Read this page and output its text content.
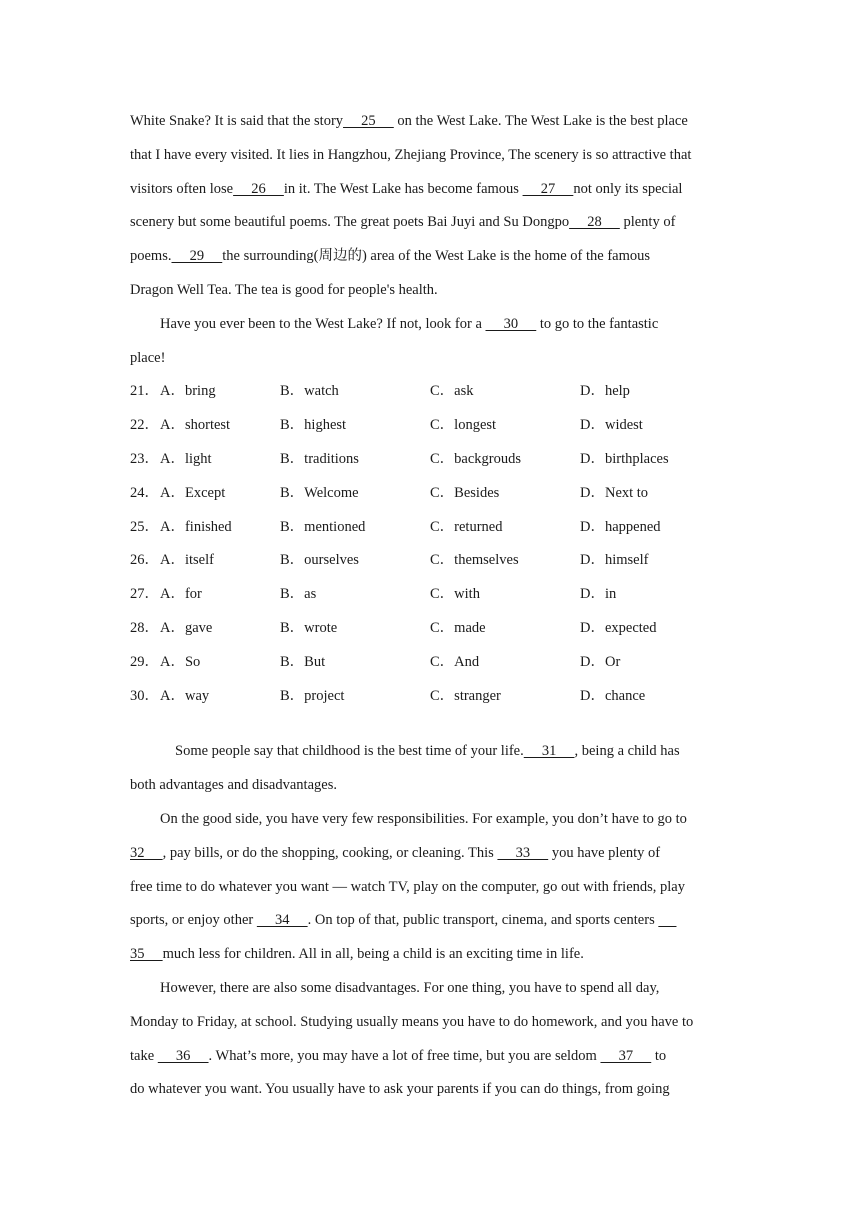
White Snake? It is said that the story     25      on the West Lake. The West Lake is the best place
that I have every visited. It lies in Hangzhou, Zhejiang Province, The scenery is so attractive that
visitors often lose     26     in it. The West Lake has become famous      27     not only its special
scenery but some beautiful poems. The great poets Bai Juyi and Su Dongpo     28      plenty of
poems.     29     the surrounding(周边的) area of the West Lake is the home of the famous
Dragon Well Tea. The tea is good for people's health.
Have you ever been to the West Lake? If not, look for a      30      to go to the fantastic
place!
21． A．bring	B．watch	C．ask	D．help
22． A．shortest	B．highest	C．longest	D．widest
23． A．light	B．traditions	C．backgrouds	D．birthplaces
24． A．Except	B．Welcome	C．Besides	D．Next to
25． A．finished	B．mentioned	C．returned	D．happened
26． A．itself	B．ourselves	C．themselves	D．himself
27． A．for	B．as	C．with	D．in
28． A．gave	B．wrote	C．made	D．expected
29． A．So	B．But	C．And	D．Or
30． A．way	B．project	C．stranger	D．chance
Some people say that childhood is the best time of your life.     31     , being a child has
both advantages and disadvantages.
On the good side, you have very few responsibilities. For example, you don’t have to go to
32     , pay bills, or do the shopping, cooking, or cleaning. This      33      you have plenty of
free time to do whatever you want — watch TV, play on the computer, go out with friends, play
sports, or enjoy other      34     . On top of that, public transport, cinema, and sports centers
35     much less for children. All in all, being a child is an exciting time in life.
However, there are also some disadvantages. For one thing, you have to spend all day,
Monday to Friday, at school. Studying usually means you have to do homework, and you have to
take      36     . What’s more, you may have a lot of free time, but you are seldom      37      to
do whatever you want. You usually have to ask your parents if you can do things, from going
